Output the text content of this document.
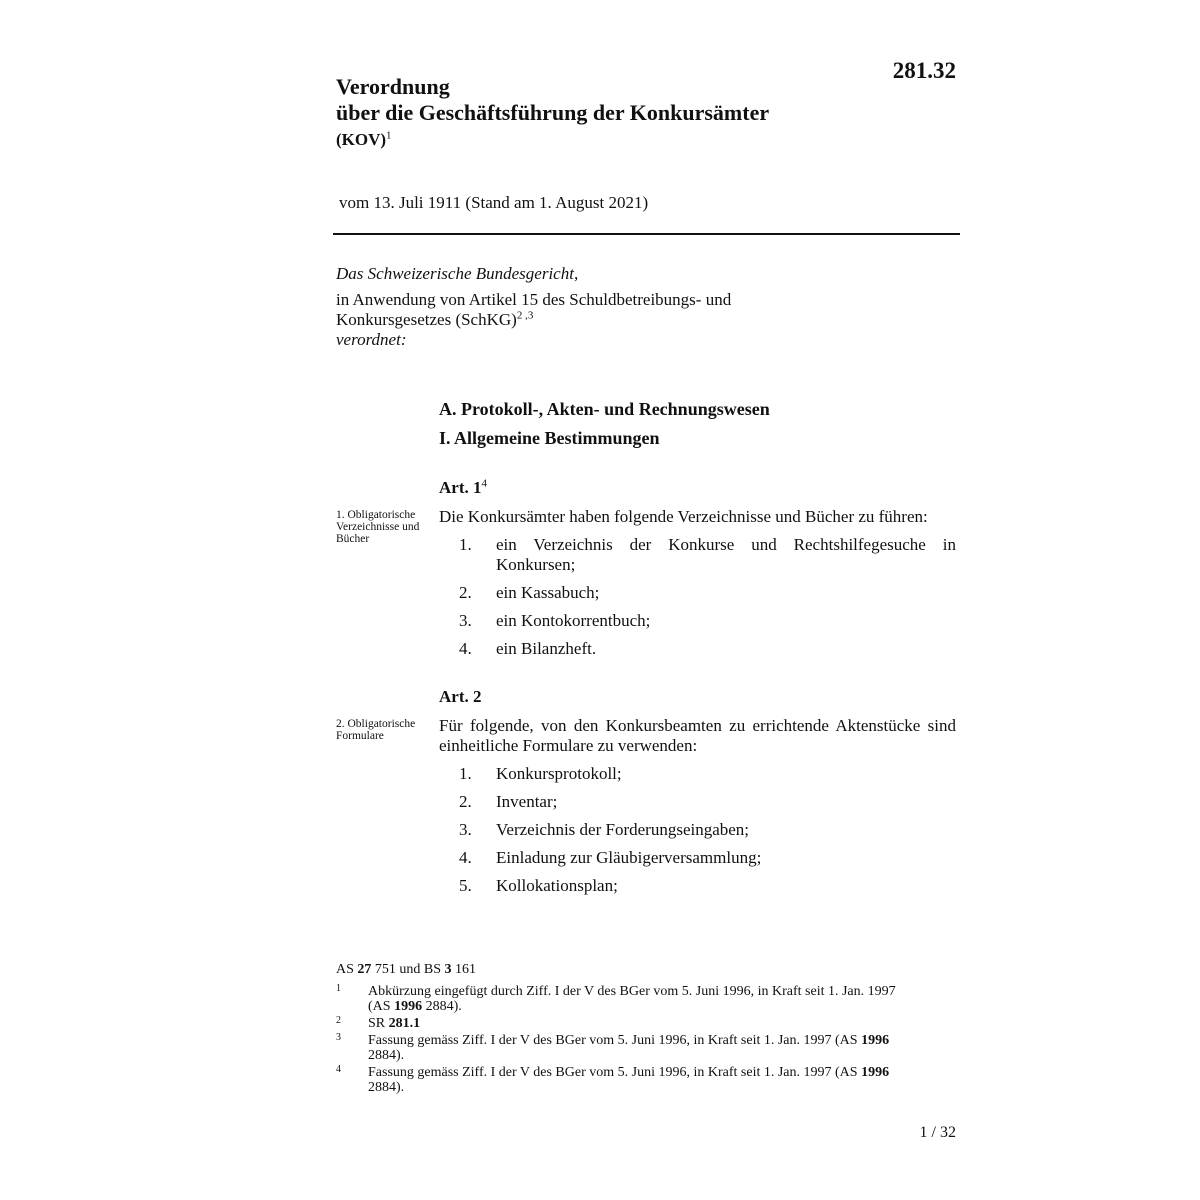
281.32
Verordnung
über die Geschäftsführung der Konkursämter
(KOV)$^1$
vom 13. Juli 1911 (Stand am 1. August 2021)
Das Schweizerische Bundesgericht,
in Anwendung von Artikel 15 des Schuldbetreibungs- und
Konkursgesetzes (SchKG)$^{2 ,3}$
verordnet:
A. Protokoll-, Akten- und Rechnungswesen
I. Allgemeine Bestimmungen
Art. $1^4$
1. Obligatorische Verzeichnisse und Bücher
Die Konkursämter haben folgende Verzeichnisse und Bücher zu führen:
1. ein Verzeichnis der Konkurse und Rechtshilfegesuche in Konkursen;
2. ein Kassabuch;
3. ein Kontokorrentbuch;
4. ein Bilanzheft.
Art. 2
2. Obligatorische Formulare
Für folgende, von den Konkursbeamten zu errichtende Aktenstücke sind einheitliche Formulare zu verwenden:
1. Konkursprotokoll;
2. Inventar;
3. Verzeichnis der Forderungseingaben;
4. Einladung zur Gläubigerversammlung;
5. Kollokationsplan;
AS 27 751 und BS 3 161
1 Abkürzung eingefügt durch Ziff. I der V des BGer vom 5. Juni 1996, in Kraft seit 1. Jan. 1997 (AS 1996 2884).
2 SR 281.1
3 Fassung gemäss Ziff. I der V des BGer vom 5. Juni 1996, in Kraft seit 1. Jan. 1997 (AS 1996 2884).
4 Fassung gemäss Ziff. I der V des BGer vom 5. Juni 1996, in Kraft seit 1. Jan. 1997 (AS 1996 2884).
1 / 32
